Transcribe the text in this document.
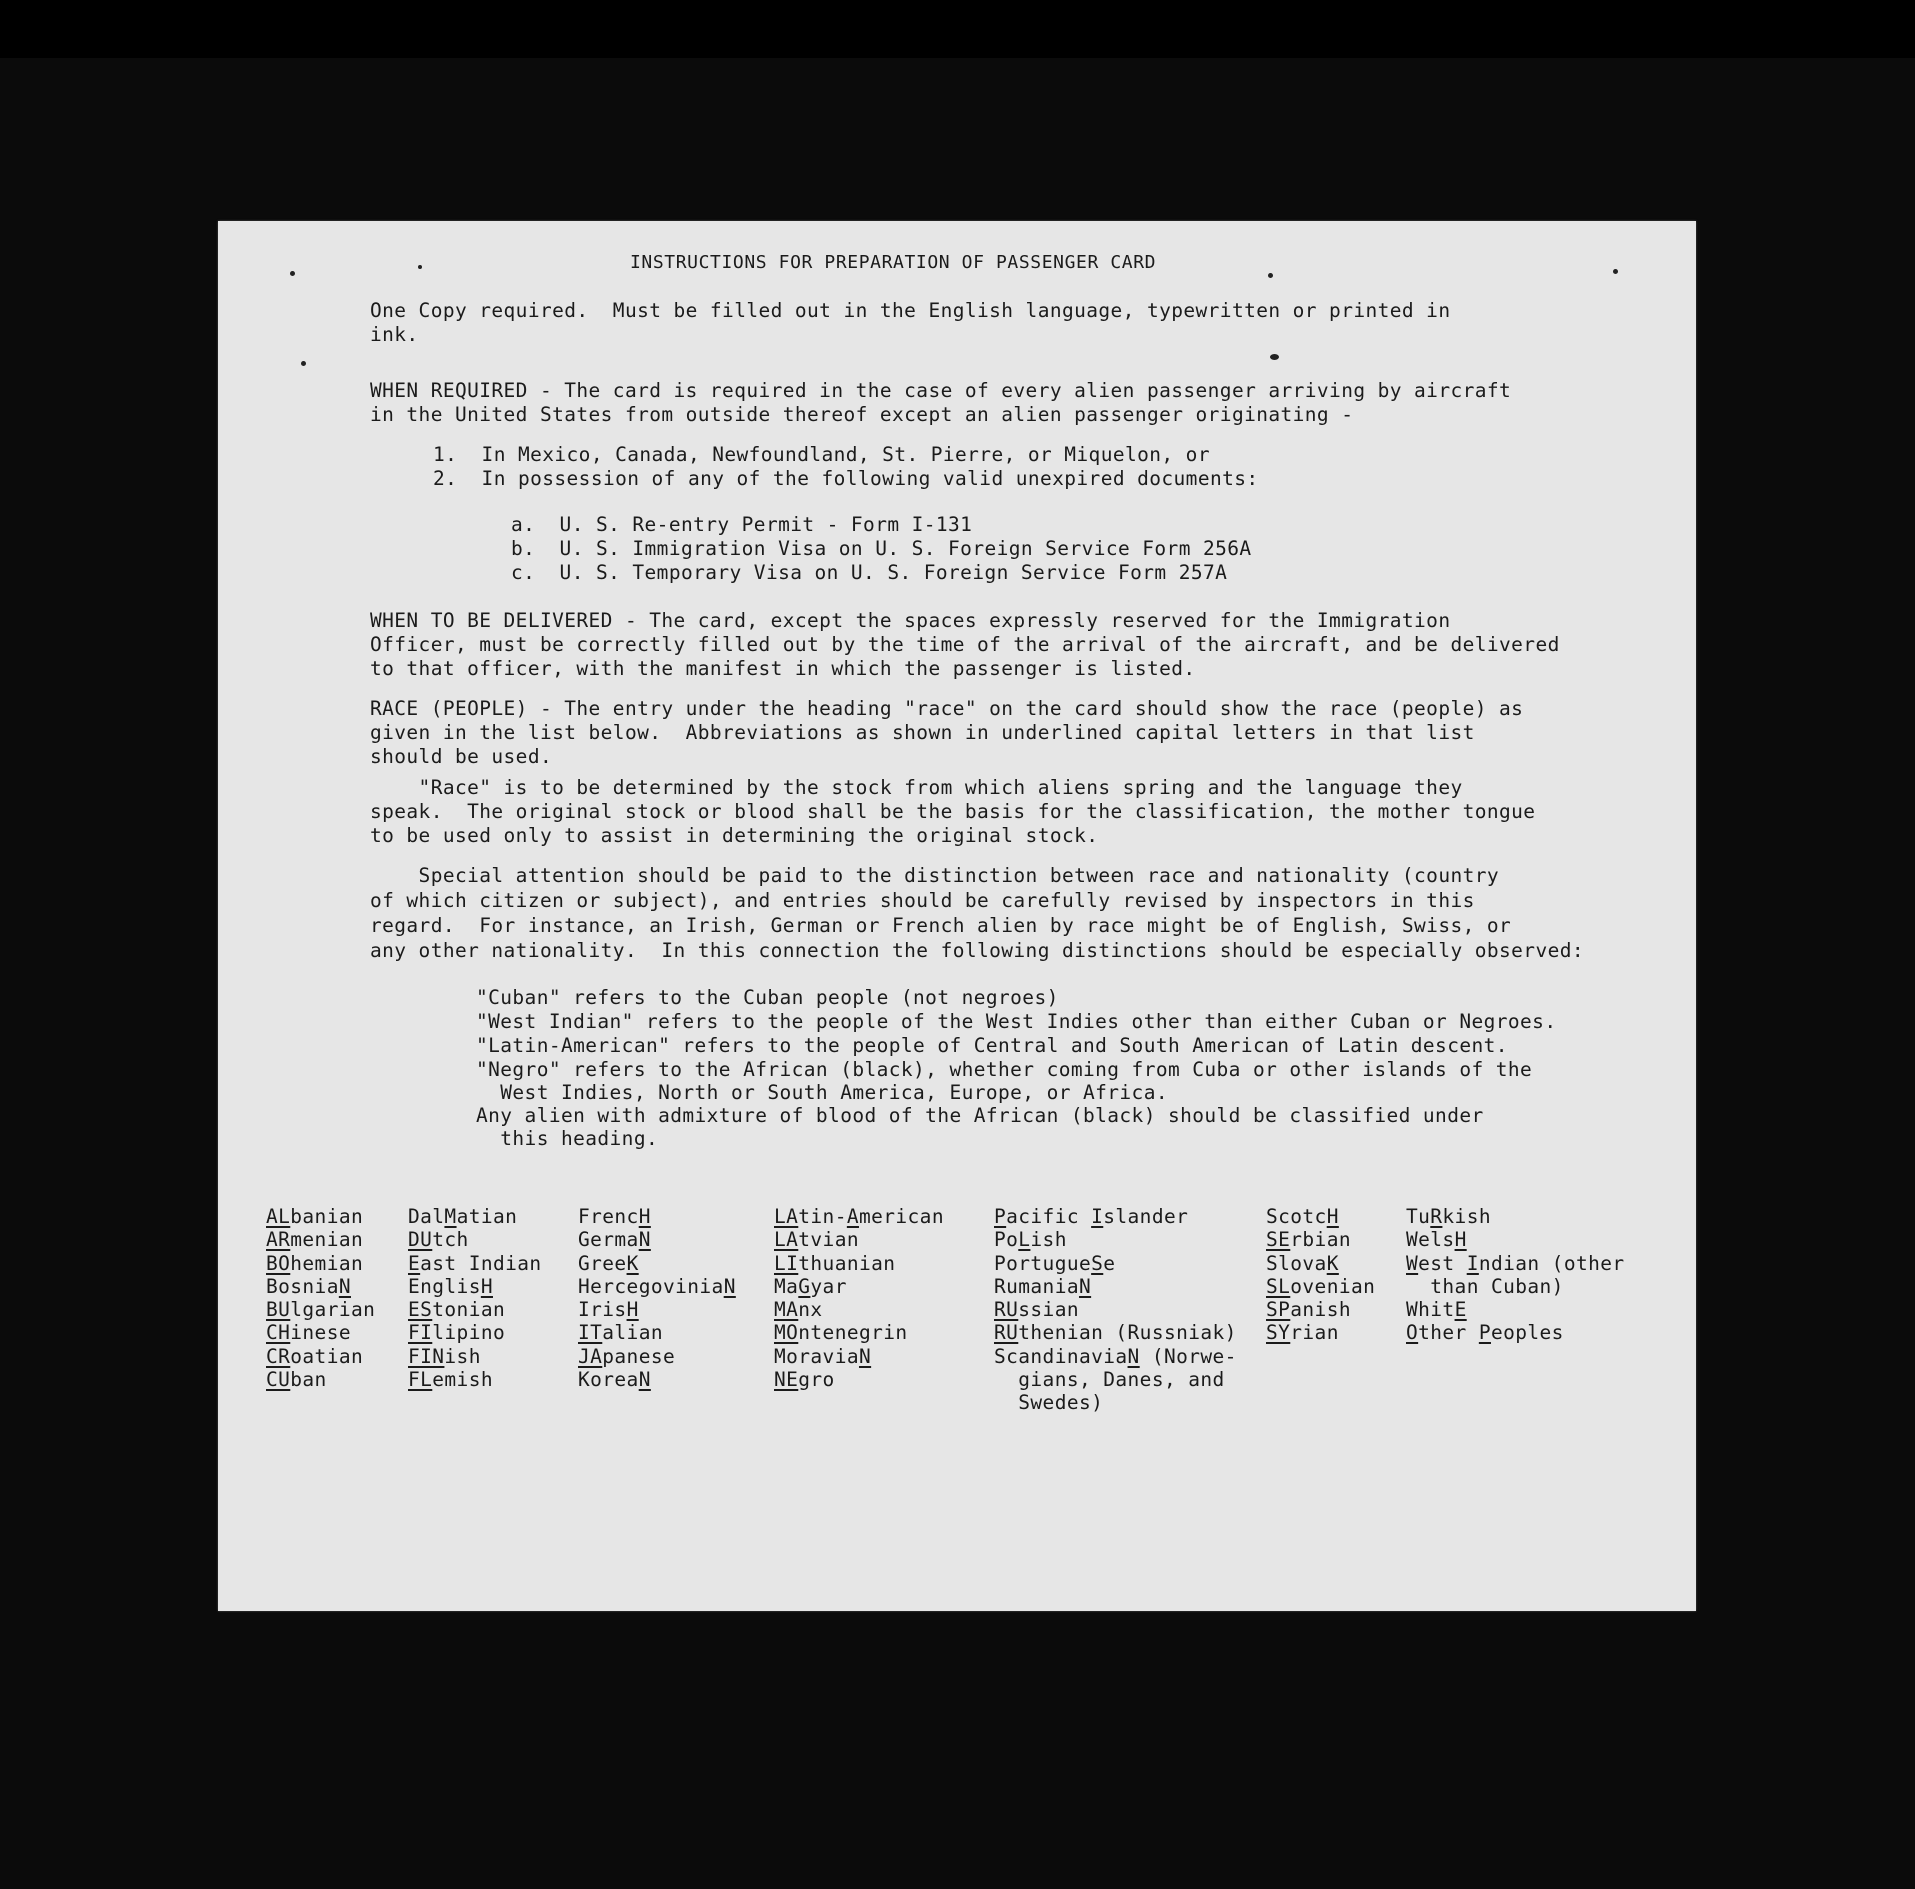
INSTRUCTIONS FOR PREPARATION OF PASSENGER CARD
One Copy required.  Must be filled out in the English language, typewritten or printed in
ink.
WHEN REQUIRED - The card is required in the case of every alien passenger arriving by aircraft
in the United States from outside thereof except an alien passenger originating -
1.  In Mexico, Canada, Newfoundland, St. Pierre, or Miquelon, or
2.  In possession of any of the following valid unexpired documents:
a.  U. S. Re-entry Permit - Form I-131
b.  U. S. Immigration Visa on U. S. Foreign Service Form 256A
c.  U. S. Temporary Visa on U. S. Foreign Service Form 257A
WHEN TO BE DELIVERED - The card, except the spaces expressly reserved for the Immigration
Officer, must be correctly filled out by the time of the arrival of the aircraft, and be delivered
to that officer, with the manifest in which the passenger is listed.
RACE (PEOPLE) - The entry under the heading "race" on the card should show the race (people) as
given in the list below.  Abbreviations as shown in underlined capital letters in that list
should be used.
"Race" is to be determined by the stock from which aliens spring and the language they
speak.  The original stock or blood shall be the basis for the classification, the mother tongue
to be used only to assist in determining the original stock.
Special attention should be paid to the distinction between race and nationality (country
of which citizen or subject), and entries should be carefully revised by inspectors in this
regard.  For instance, an Irish, German or French alien by race might be of English, Swiss, or
any other nationality.  In this connection the following distinctions should be especially observed:
"Cuban" refers to the Cuban people (not negroes)
"West Indian" refers to the people of the West Indies other than either Cuban or Negroes.
"Latin-American" refers to the people of Central and South American of Latin descent.
"Negro" refers to the African (black), whether coming from Cuba or other islands of the
West Indies, North or South America, Europe, or Africa.
Any alien with admixture of blood of the African (black) should be classified under
this heading.
ALbanian
ARmenian
BOhemian
BosniaN
BUlgarian
CHinese
CRoatian
CUban
DalMatian
DUtch
East Indian
EnglisH
EStonian
FIlipino
FINish
FLemish
FrencH
GermaN
GreeK
HercegoviniaN
IrisH
ITalian
JApanese
KoreaN
LAtin-American
LAtvian
LIthuanian
MaGyar
MAnx
MOntenegrin
MoraviaN
NEgro
Pacific Islander
PoLish
PortugueSe
RumaniaN
RUssian
RUthenian (Russniak)
ScandinaviaN (Norwe-
gians, Danes, and
Swedes)
ScotcH
SErbian
SlovaK
SLovenian
SPanish
SYrian
TuRkish
WelsH
West Indian (other
than Cuban)
WhitE
Other Peoples
